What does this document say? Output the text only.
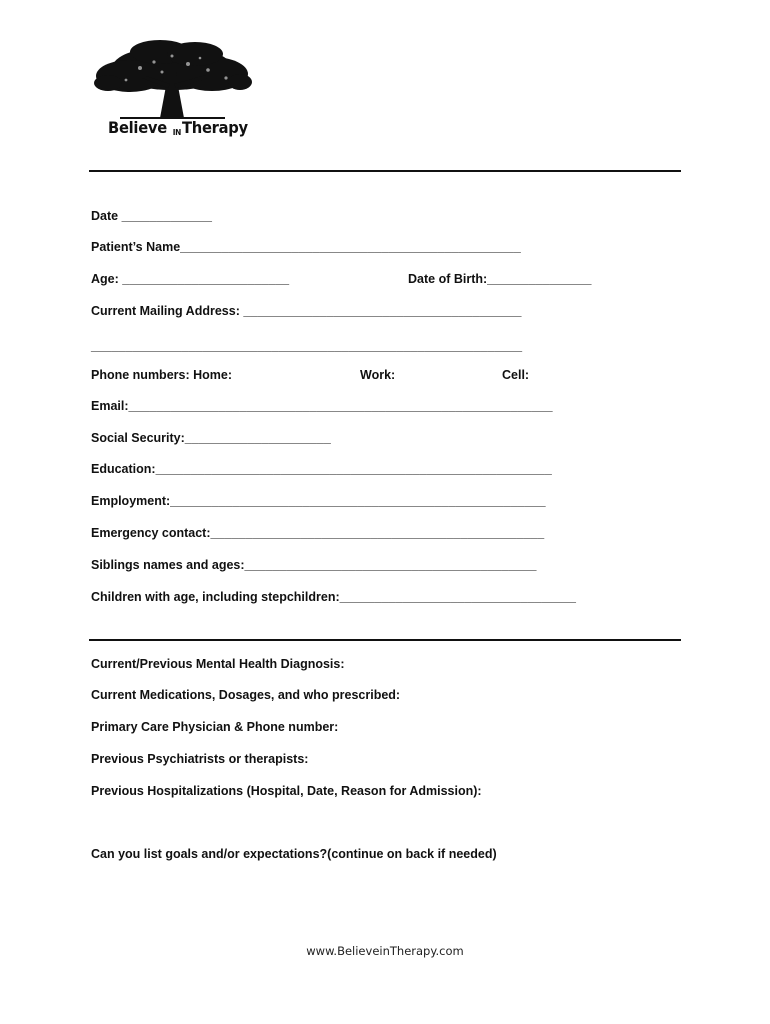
Believe INTherapy
Date _____________
Patient’s Name_________________________________________________
Age: ________________________	Date of Birth:_______________
Current Mailing Address: ________________________________________
______________________________________________________________
Phone numbers: Home:	Work:	Cell:
Email:_____________________________________________________________
Social Security:_____________________
Education:_________________________________________________________
Employment:______________________________________________________
Emergency contact:________________________________________________
Siblings names and ages:__________________________________________
Children with age, including stepchildren:__________________________________
Current/Previous Mental Health Diagnosis:
Current Medications, Dosages, and who prescribed:
Primary Care Physician & Phone number:
Previous Psychiatrists or therapists:
Previous Hospitalizations (Hospital, Date, Reason for Admission):
Can you list goals and/or expectations?(continue on back if needed)
www.BelieveinTherapy.com
